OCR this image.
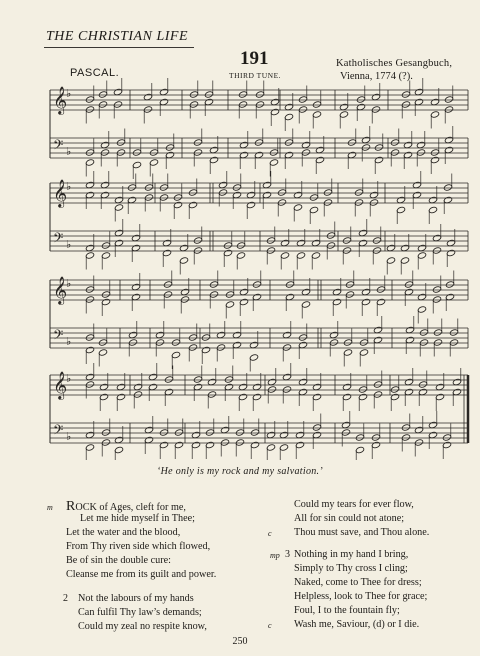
THE CHRISTIAN LIFE
191
PASCAL.	THIRD TUNE.
Katholisches Gesangbuch,
Vienna, 1774 (?).
𝄞
♭
𝄢 ♭
𝄞
♭
𝄢 ♭
𝄞
♭
𝄢 ♭
𝄞
♭
𝄢 ♭
‘He only is my rock and my salvation.’
m ROCK of Ages, cleft for me,
Let me hide myself in Thee;
Let the water and the blood,
From Thy riven side which flowed,
Be of sin the double cure:
Cleanse me from its guilt and power.
2 Not the labours of my hands
Can fulfil Thy law’s demands;
Could my zeal no respite know,
Could my tears for ever flow,
All for sin could not atone;
c Thou must save, and Thou alone.
mp 3 Nothing in my hand I bring,
Simply to Thy cross I cling;
Naked, come to Thee for dress;
Helpless, look to Thee for grace;
Foul, I to the fountain fly;
c Wash me, Saviour, (d) or I die.
250
